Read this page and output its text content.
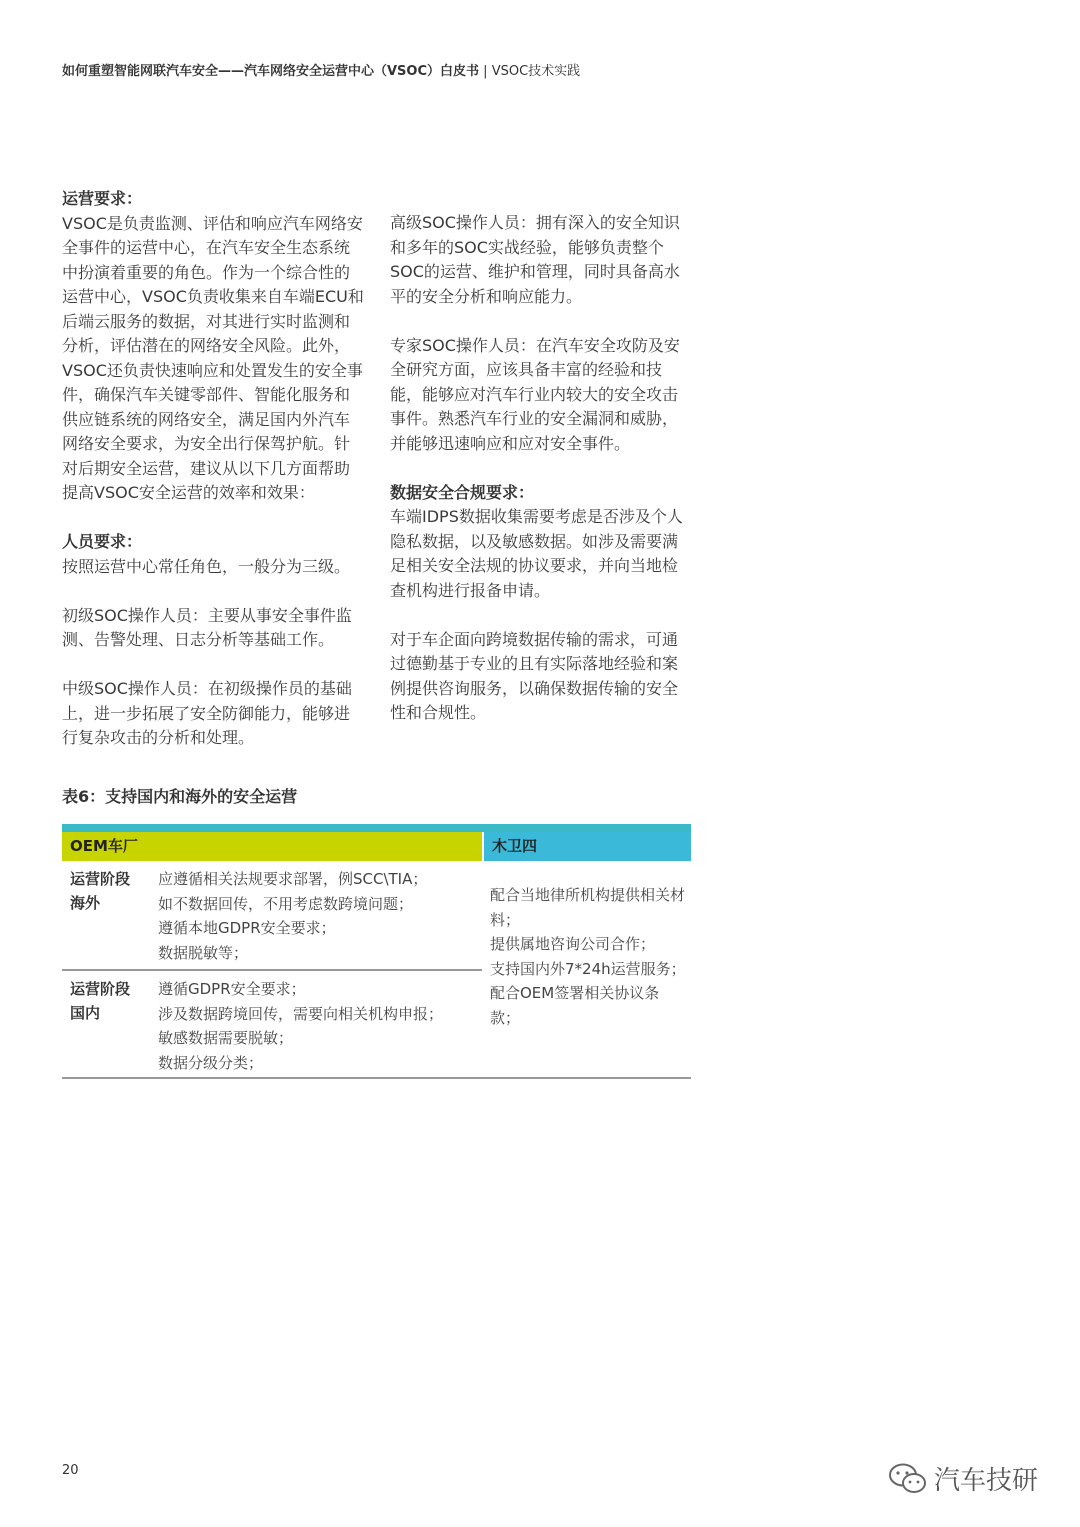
如何重塑智能网联汽车安全——汽车网络安全运营中心（VSOC）白皮书 | VSOC技术实践

运营要求：

VSOC是负责监测、评估和响应汽车网络安全事件的运营中心，在汽车安全生态系统中扮演着重要的角色。作为一个综合性的运营中心，VSOC负责收集来自车端ECU和后端云服务的数据，对其进行实时监测和分析，评估潜在的网络安全风险。此外，VSOC还负责快速响应和处置发生的安全事件，确保汽车关键零部件、智能化服务和供应链系统的网络安全，满足国内外汽车网络安全要求，为安全出行保驾护航。针对后期安全运营，建议从以下几方面帮助提高VSOC安全运营的效率和效果：

人员要求：

按照运营中心常任角色，一般分为三级。

初级SOC操作人员：主要从事安全事件监测、告警处理、日志分析等基础工作。

中级SOC操作人员：在初级操作员的基础上，进一步拓展了安全防御能力，能够进行复杂攻击的分析和处理。

高级SOC操作人员：拥有深入的安全知识和多年的SOC实战经验，能够负责整个SOC的运营、维护和管理，同时具备高水平的安全分析和响应能力。

专家SOC操作人员：在汽车安全攻防及安全研究方面，应该具备丰富的经验和技能，能够应对汽车行业内较大的安全攻击事件。熟悉汽车行业的安全漏洞和威胁，并能够迅速响应和应对安全事件。

数据安全合规要求：

车端IDPS数据收集需要考虑是否涉及个人隐私数据，以及敏感数据。如涉及需要满足相关安全法规的协议要求，并向当地检查机构进行报备申请。

对于车企面向跨境数据传输的需求，可通过德勤基于专业的且有实际落地经验和案例提供咨询服务，以确保数据传输的安全性和合规性。

表6：支持国内和海外的安全运营
OEM车厂	木卫四
运营阶段
海外
应遵循相关法规要求部署，例SCC\TIA；
如不数据回传，不用考虑数跨境问题；
遵循本地GDPR安全要求；
数据脱敏等；
运营阶段
国内
遵循GDPR安全要求；
涉及数据跨境回传，需要向相关机构申报；
敏感数据需要脱敏；
数据分级分类；
配合当地律所机构提供相关材料；
提供属地咨询公司合作；
支持国内外7*24h运营服务；
配合OEM签署相关协议条款；
20	汽车技研
